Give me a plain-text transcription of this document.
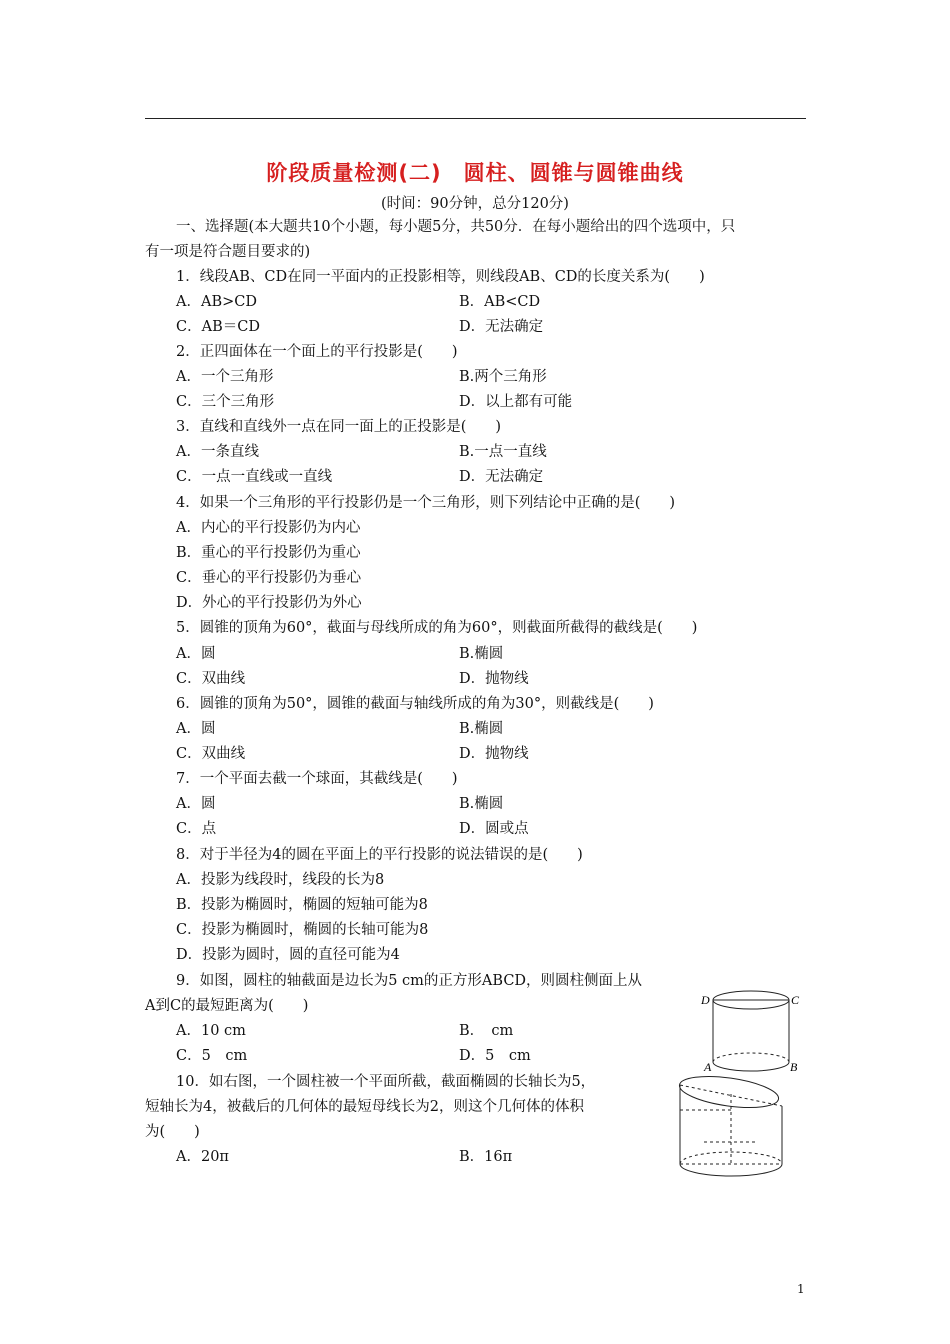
阶段质量检测(二)　圆柱、圆锥与圆锥曲线
(时间：90分钟，总分120分)
一、选择题(本大题共10个小题，每小题5分，共50分．在每小题给出的四个选项中，只
有一项是符合题目要求的)
1．线段AB、CD在同一平面内的正投影相等，则线段AB、CD的长度关系为(　　)
A．AB>CD	B．AB<CD
C．AB＝CD	D．无法确定
2．正四面体在一个面上的平行投影是(　　)
A．一个三角形	B.两个三角形
C．三个三角形	D．以上都有可能
3．直线和直线外一点在同一面上的正投影是(　　)
A．一条直线	B.一点一直线
C．一点一直线或一直线	D．无法确定
4．如果一个三角形的平行投影仍是一个三角形，则下列结论中正确的是(　　)
A．内心的平行投影仍为内心
B．重心的平行投影仍为重心
C．垂心的平行投影仍为垂心
D．外心的平行投影仍为外心
5．圆锥的顶角为60°，截面与母线所成的角为60°，则截面所截得的截线是(　　)
A．圆	B.椭圆
C．双曲线	D．抛物线
6．圆锥的顶角为50°，圆锥的截面与轴线所成的角为30°，则截线是(　　)
A．圆	B.椭圆
C．双曲线	D．抛物线
7．一个平面去截一个球面，其截线是(　　)
A．圆	B.椭圆
C．点	D．圆或点
8．对于半径为4的圆在平面上的平行投影的说法错误的是(　　)
A．投影为线段时，线段的长为8
B．投影为椭圆时，椭圆的短轴可能为8
C．投影为椭圆时，椭圆的长轴可能为8
D．投影为圆时，圆的直径可能为4
9．如图，圆柱的轴截面是边长为5 cm的正方形ABCD，则圆柱侧面上从
A到C的最短距离为(　　)
A．10 cm	B．　cm
C．5　cm	D．5　cm
D	C
A	B
10．如右图，一个圆柱被一个平面所截，截面椭圆的长轴长为5，
短轴长为4，被截后的几何体的最短母线长为2，则这个几何体的体积
为(　　)
A．20π	B．16π
1
